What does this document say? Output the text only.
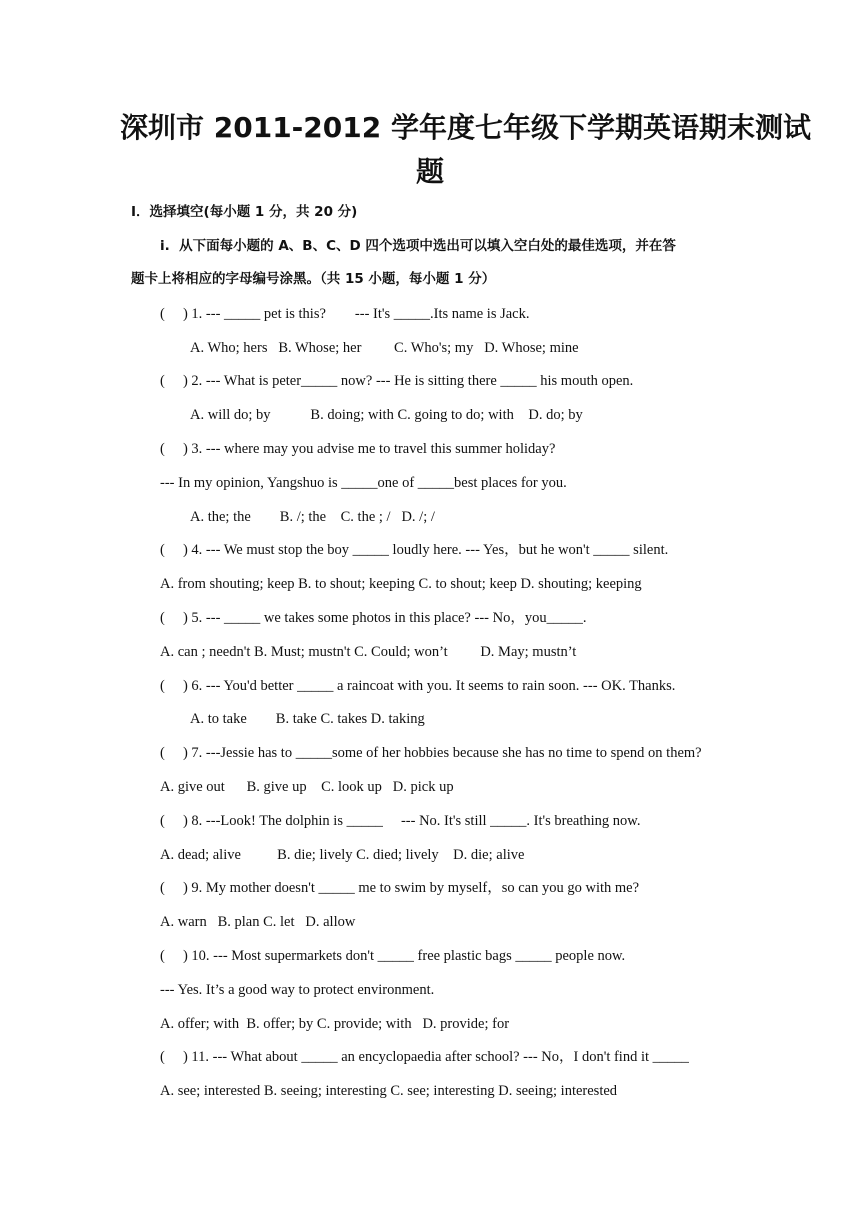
深圳市 2011-2012 学年度七年级下学期英语期末测试
题
Ⅰ．选择填空(每小题 1 分，共 20 分)
i.  从下面每小题的 A、B、C、D 四个选项中选出可以填入空白处的最佳选项，并在答
题卡上将相应的字母编号涂黑。（共 15 小题，每小题 1 分）
(     ) 1. --- _____ pet is this?        --- It's _____.Its name is Jack.
A. Who; hers   B. Whose; her         C. Who's; my   D. Whose; mine
(     ) 2. --- What is peter_____ now? --- He is sitting there _____ his mouth open.
A. will do; by           B. doing; with C. going to do; with    D. do; by
(     ) 3. --- where may you advise me to travel this summer holiday?
--- In my opinion, Yangshuo is _____one of _____best places for you.
A. the; the        B. /; the    C. the ; /   D. /; /
(     ) 4. --- We must stop the boy _____ loudly here. --- Yes，but he won't _____ silent.
A. from shouting; keep B. to shout; keeping C. to shout; keep D. shouting; keeping
(     ) 5. --- _____ we takes some photos in this place? --- No，you_____.
A. can ; needn't B. Must; mustn't C. Could; won’t         D. May; mustn’t
(     ) 6. --- You'd better _____ a raincoat with you. It seems to rain soon. --- OK. Thanks.
A. to take        B. take C. takes D. taking
(     ) 7. ---Jessie has to _____some of her hobbies because she has no time to spend on them?
A. give out      B. give up    C. look up   D. pick up
(     ) 8. ---Look! The dolphin is _____     --- No. It's still _____. It's breathing now.
A. dead; alive          B. die; lively C. died; lively    D. die; alive
(     ) 9. My mother doesn't _____ me to swim by myself，so can you go with me?
A. warn   B. plan C. let   D. allow
(     ) 10. --- Most supermarkets don't _____ free plastic bags _____ people now.
--- Yes. It’s a good way to protect environment.
A. offer; with  B. offer; by C. provide; with   D. provide; for
(     ) 11. --- What about _____ an encyclopaedia after school? --- No，I don't find it _____
A. see; interested B. seeing; interesting C. see; interesting D. seeing; interested
